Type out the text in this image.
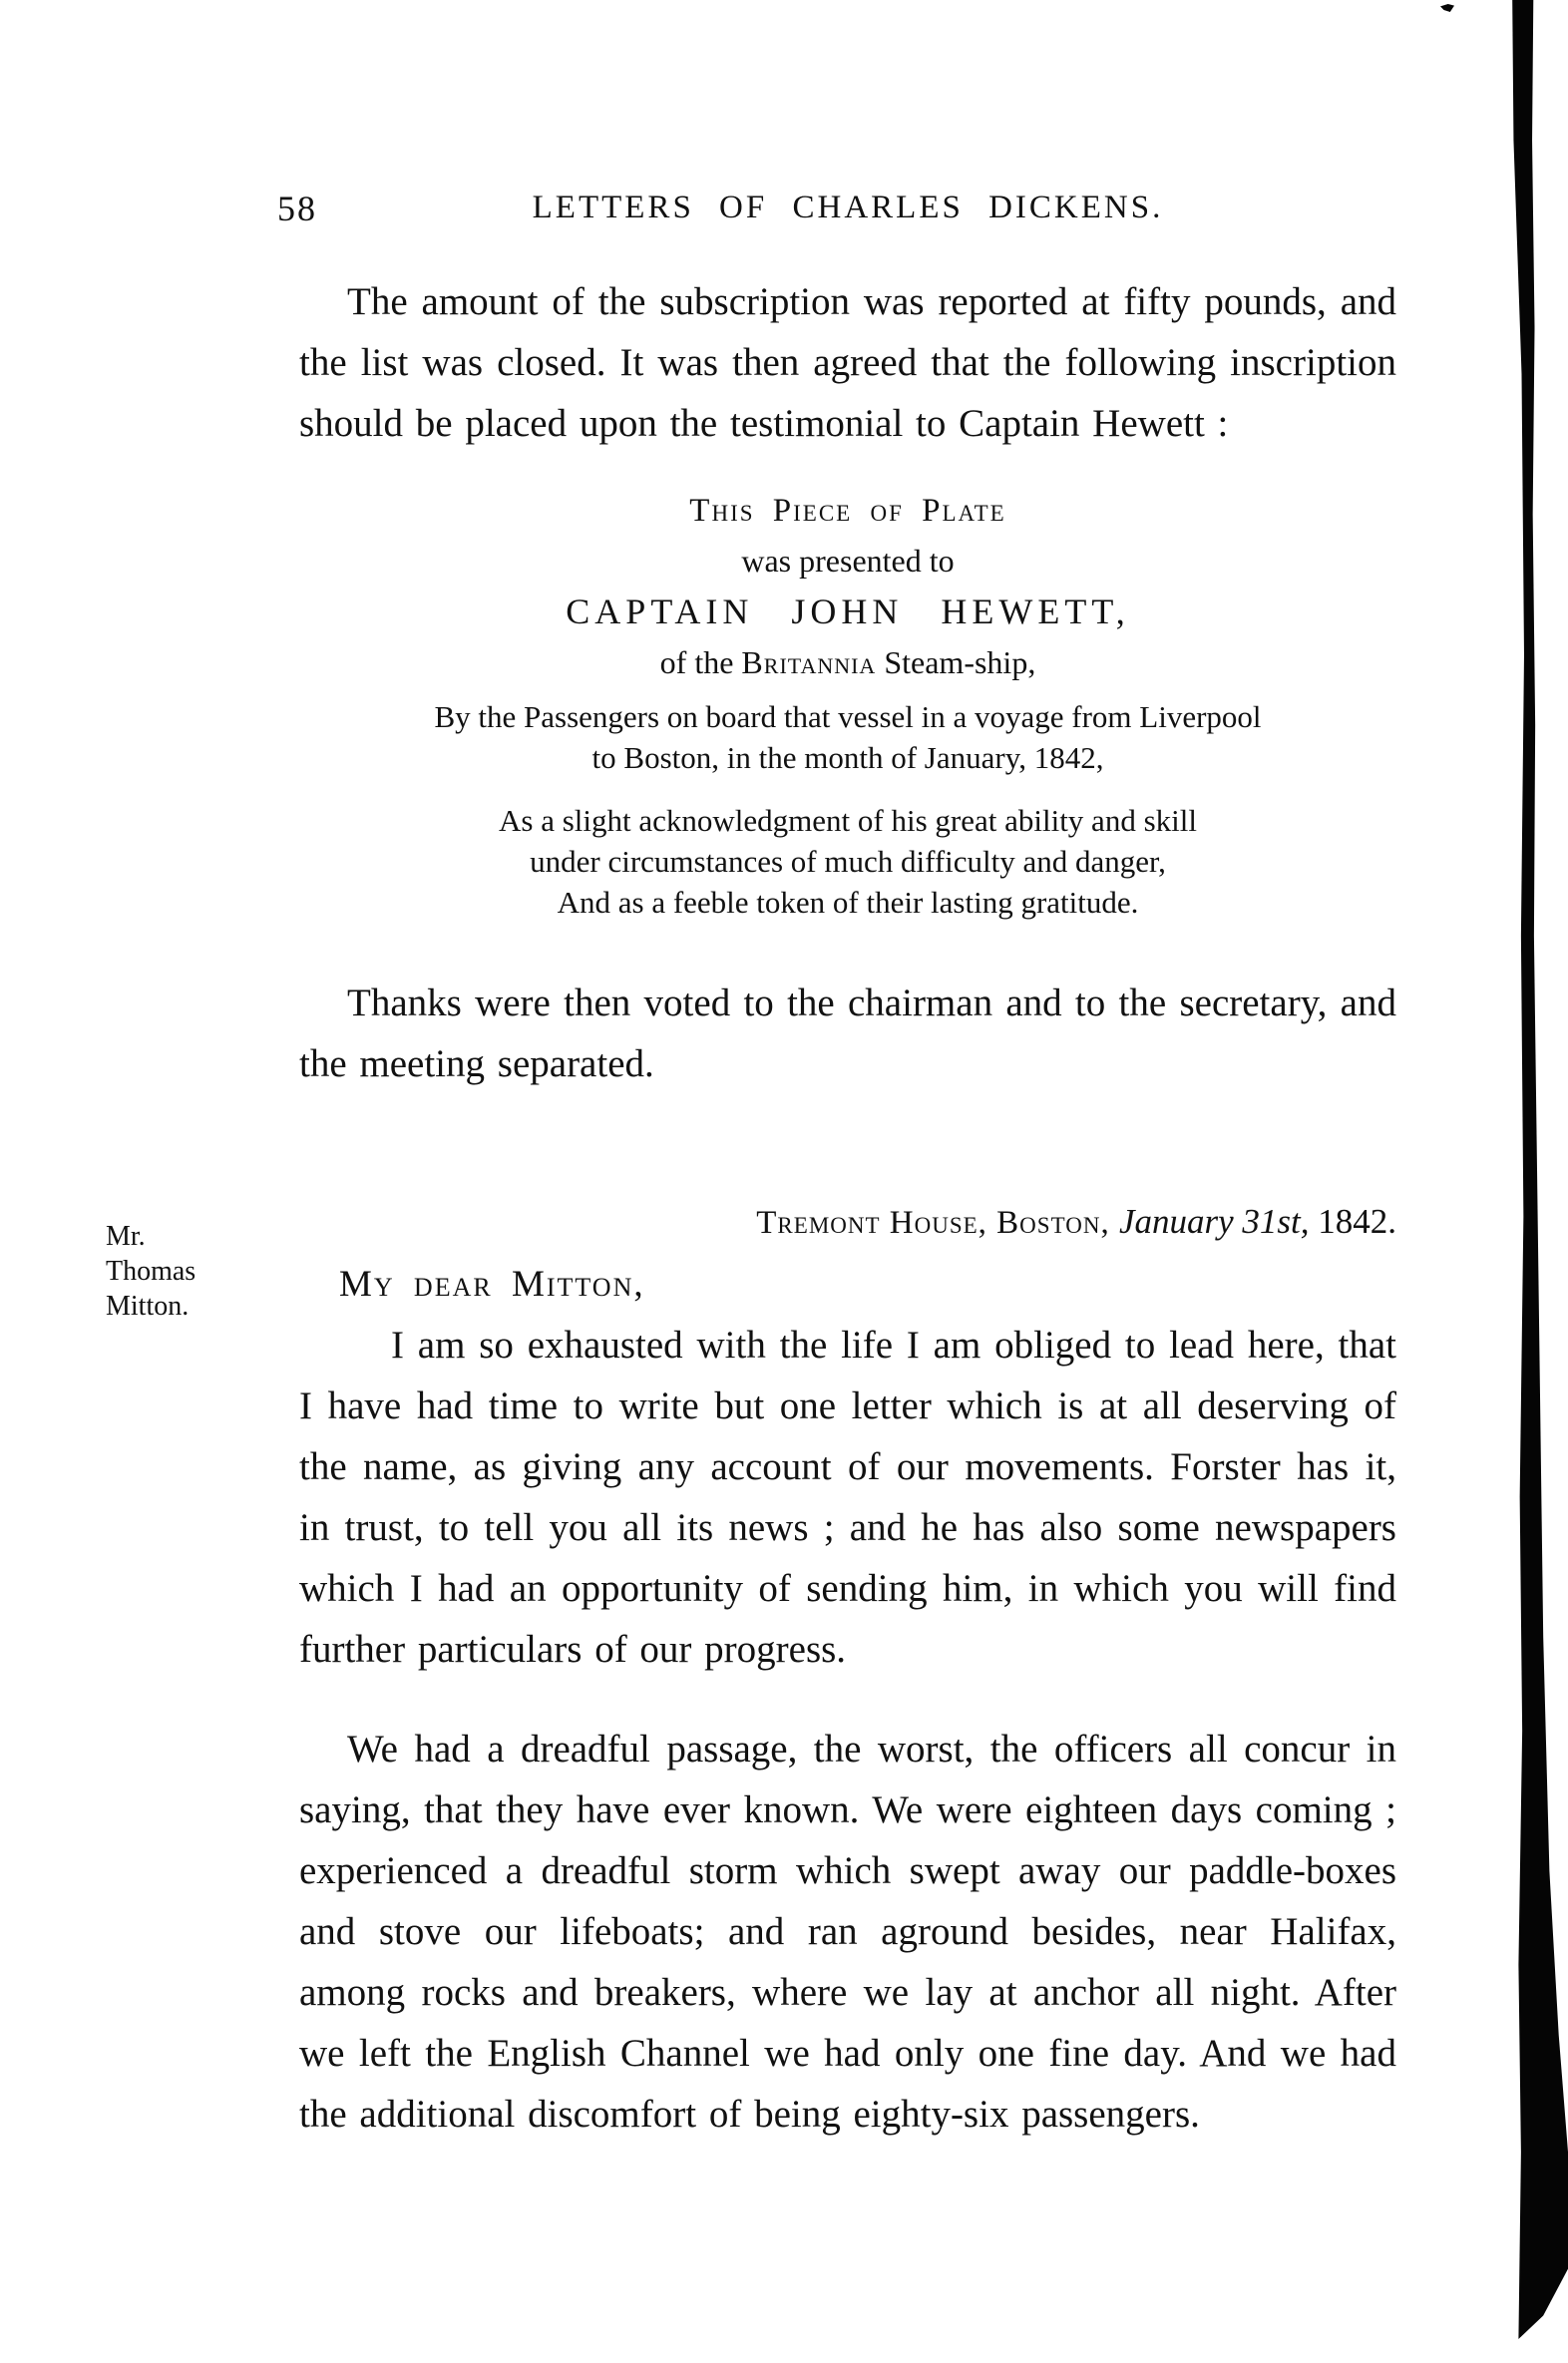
58	LETTERS OF CHARLES DICKENS.

The amount of the subscription was reported at fifty pounds, and the list was closed. It was then agreed that the following inscription should be placed upon the testimonial to Captain Hewett :

This Piece of Plate
was presented to
CAPTAIN JOHN HEWETT,
of the Britannia Steam-ship,
By the Passengers on board that vessel in a voyage from Liverpool
to Boston, in the month of January, 1842,
As a slight acknowledgment of his great ability and skill
under circumstances of much difficulty and danger,
And as a feeble token of their lasting gratitude.

Thanks were then voted to the chairman and to the secretary, and the meeting separated.

Tremont House, Boston, January 31st, 1842.
My dear Mitton,

I am so exhausted with the life I am obliged to lead here, that I have had time to write but one letter which is at all deserving of the name, as giving any account of our movements. Forster has it, in trust, to tell you all its news ; and he has also some newspapers which I had an opportunity of sending him, in which you will find further particulars of our progress.

We had a dreadful passage, the worst, the officers all concur in saying, that they have ever known. We were eighteen days coming ; experienced a dreadful storm which swept away our paddle-boxes and stove our lifeboats; and ran aground besides, near Halifax, among rocks and breakers, where we lay at anchor all night. After we left the English Channel we had only one fine day. And we had the additional discomfort of being eighty-six passengers.

Mr.
Thomas
Mitton.
